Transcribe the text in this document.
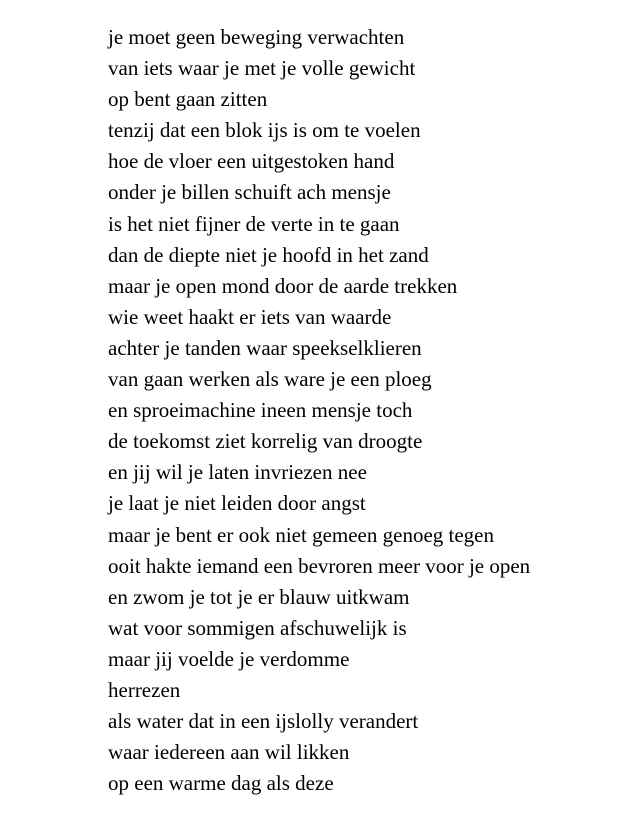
je moet geen beweging verwachten
van iets waar je met je volle gewicht
op bent gaan zitten
tenzij dat een blok ijs is om te voelen
hoe de vloer een uitgestoken hand
onder je billen schuift ach mensje
is het niet fijner de verte in te gaan
dan de diepte niet je hoofd in het zand
maar je open mond door de aarde trekken
wie weet haakt er iets van waarde
achter je tanden waar speekselklieren
van gaan werken als ware je een ploeg
en sproeimachine ineen mensje toch
de toekomst ziet korrelig van droogte
en jij wil je laten invriezen nee
je laat je niet leiden door angst
maar je bent er ook niet gemeen genoeg tegen
ooit hakte iemand een bevroren meer voor je open
en zwom je tot je er blauw uitkwam
wat voor sommigen afschuwelijk is
maar jij voelde je verdomme
herrezen
als water dat in een ijslolly verandert
waar iedereen aan wil likken
op een warme dag als deze
